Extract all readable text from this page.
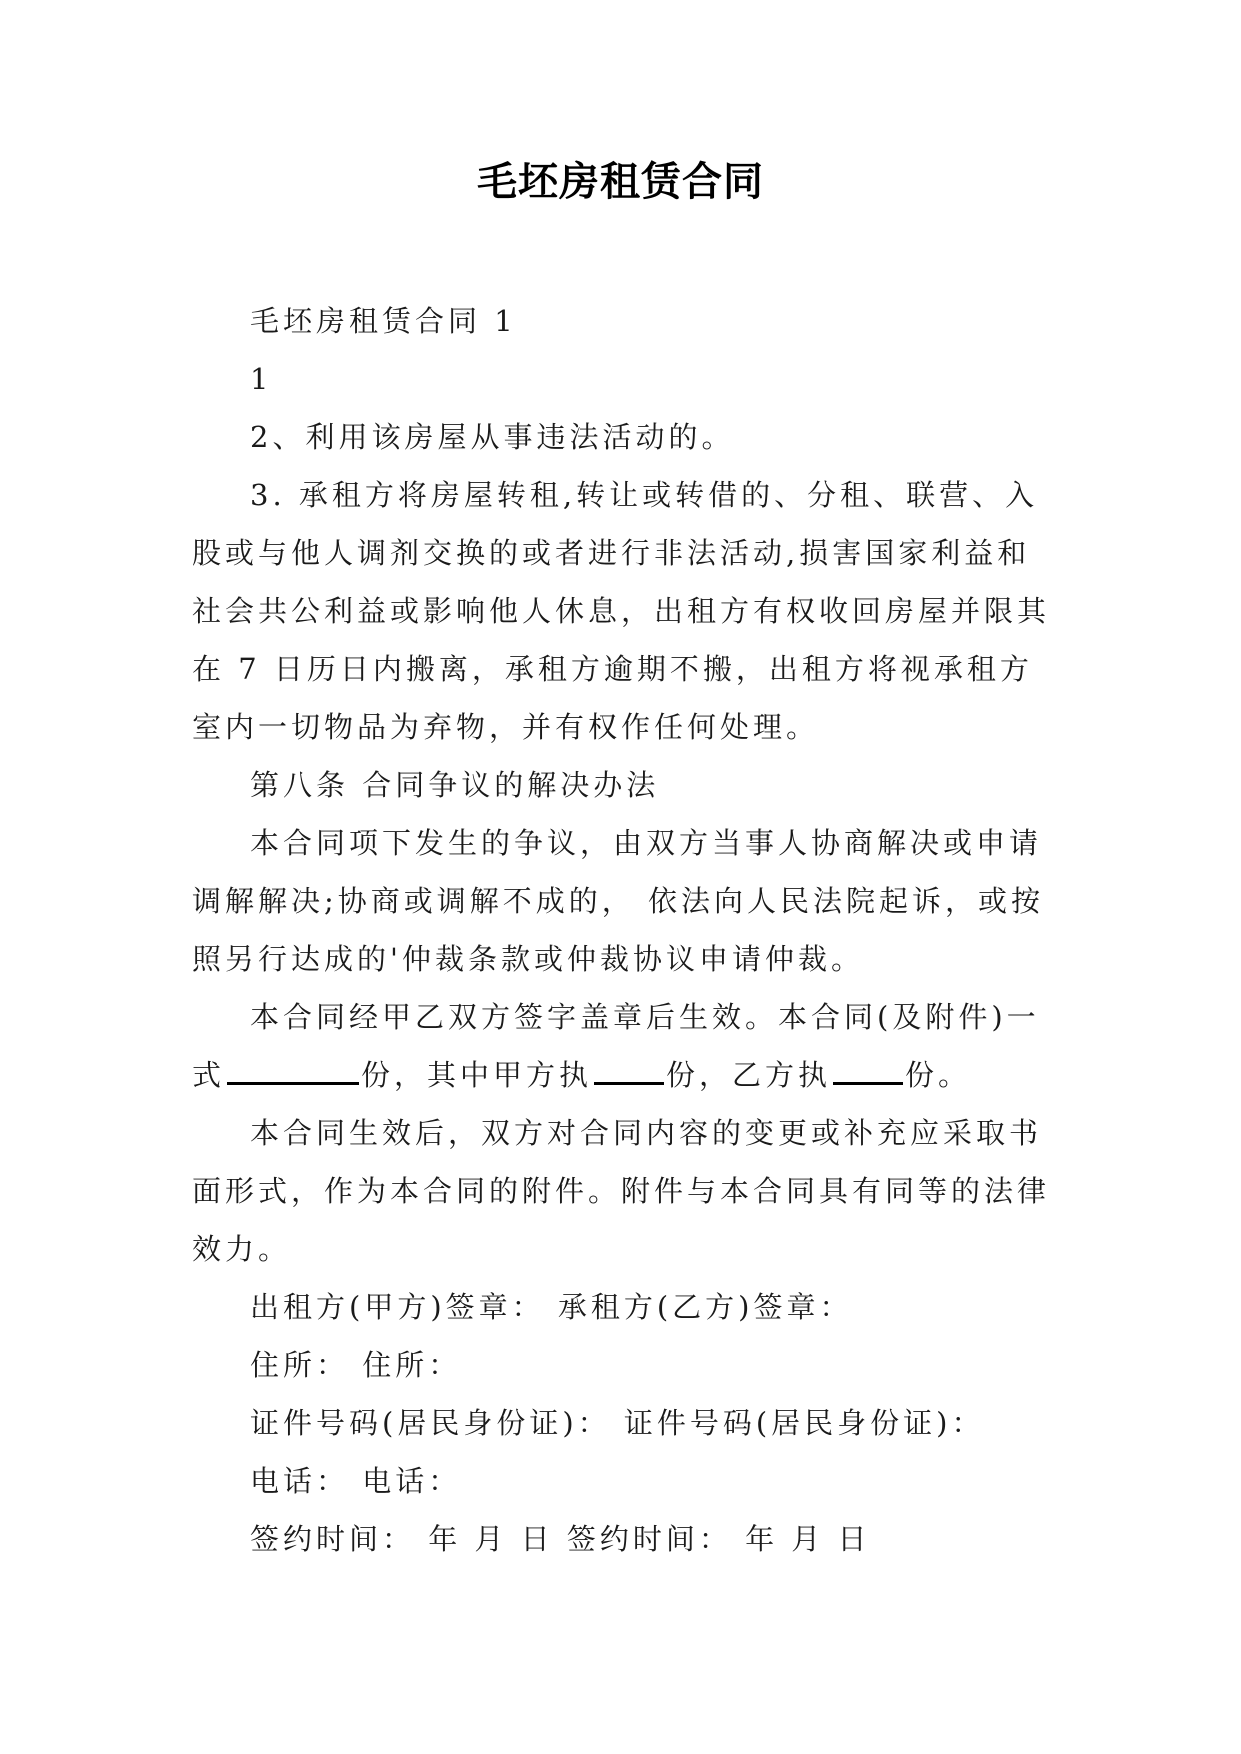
毛坯房租赁合同

毛坯房租赁合同 1

1

2、利用该房屋从事违法活动的。

3. 承租方将房屋转租,转让或转借的、分租、联营、入股或与他人调剂交换的或者进行非法活动,损害国家利益和社会共公利益或影响他人休息，出租方有权收回房屋并限其在 7 日历日内搬离，承租方逾期不搬，出租方将视承租方室内一切物品为弃物，并有权作任何处理。

第八条 合同争议的解决办法

本合同项下发生的争议，由双方当事人协商解决或申请调解解决;协商或调解不成的， 依法向人民法院起诉，或按照另行达成的'仲裁条款或仲裁协议申请仲裁。

本合同经甲乙双方签字盖章后生效。本合同(及附件)一式	份，其中甲方执	份，乙方执	份。

本合同生效后，双方对合同内容的变更或补充应采取书面形式，作为本合同的附件。附件与本合同具有同等的法律效力。

出租方(甲方)签章： 承租方(乙方)签章：

住所： 住所：

证件号码(居民身份证)： 证件号码(居民身份证)：

电话： 电话：

签约时间： 年 月 日 签约时间： 年 月 日
